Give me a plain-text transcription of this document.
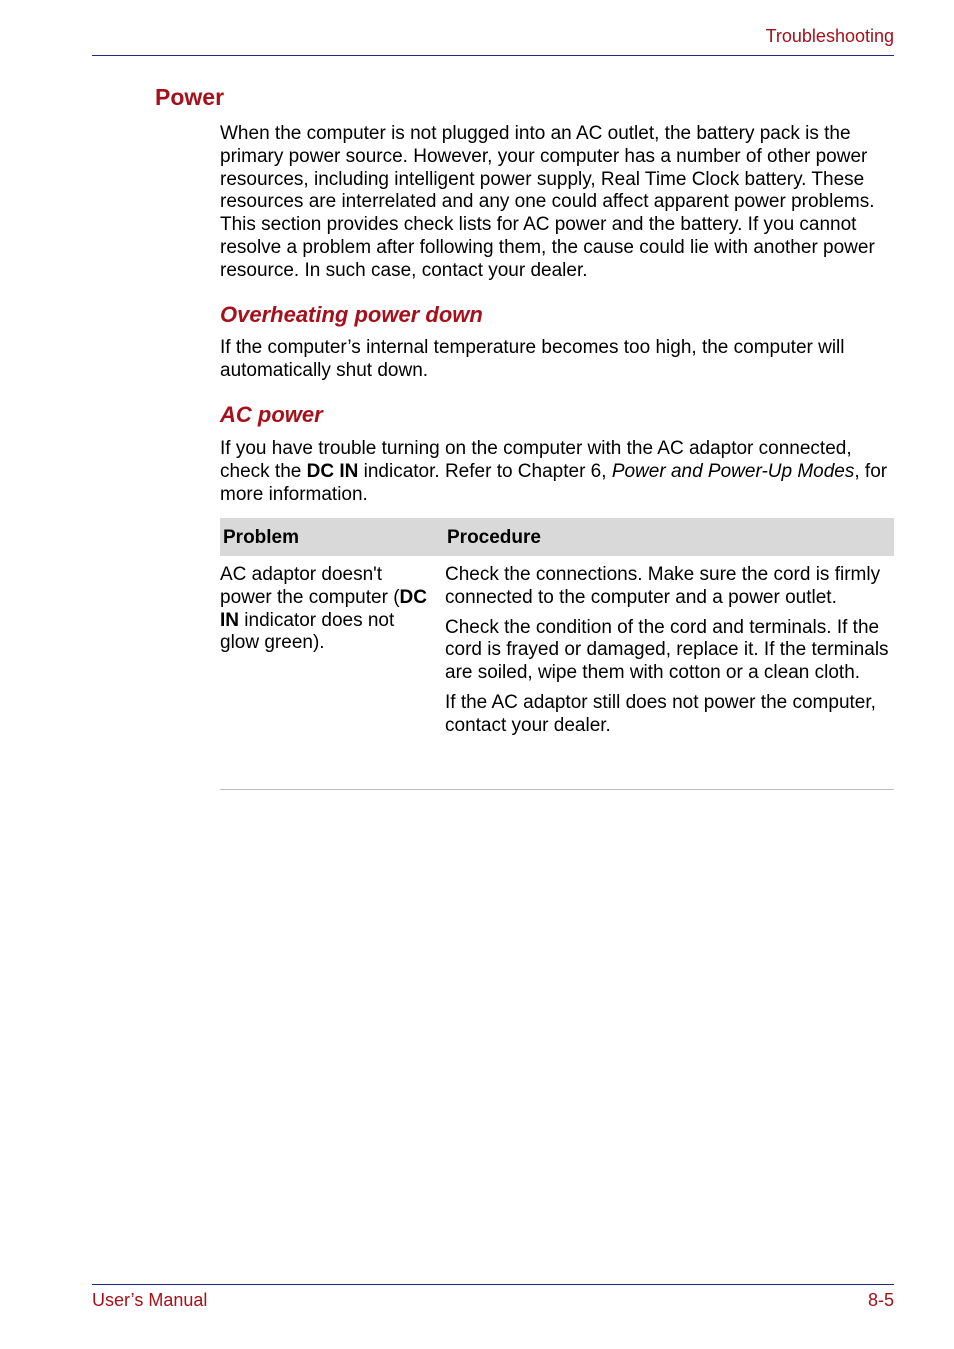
Troubleshooting
Power

When the computer is not plugged into an AC outlet, the battery pack is the primary power source. However, your computer has a number of other power resources, including intelligent power supply, Real Time Clock battery. These resources are interrelated and any one could affect apparent power problems. This section provides check lists for AC power and the battery. If you cannot resolve a problem after following them, the cause could lie with another power resource. In such case, contact your dealer.

Overheating power down

If the computer’s internal temperature becomes too high, the computer will automatically shut down.

AC power

If you have trouble turning on the computer with the AC adaptor connected, check the DC IN indicator. Refer to Chapter 6, Power and Power-Up Modes, for more information.

Problem	Procedure
AC adaptor doesn't power the computer (DC IN indicator does not glow green).

Check the connections. Make sure the cord is firmly connected to the computer and a power outlet.

Check the condition of the cord and terminals. If the cord is frayed or damaged, replace it. If the terminals are soiled, wipe them with cotton or a clean cloth.

If the AC adaptor still does not power the computer, contact your dealer.

User’s Manual	8-5
